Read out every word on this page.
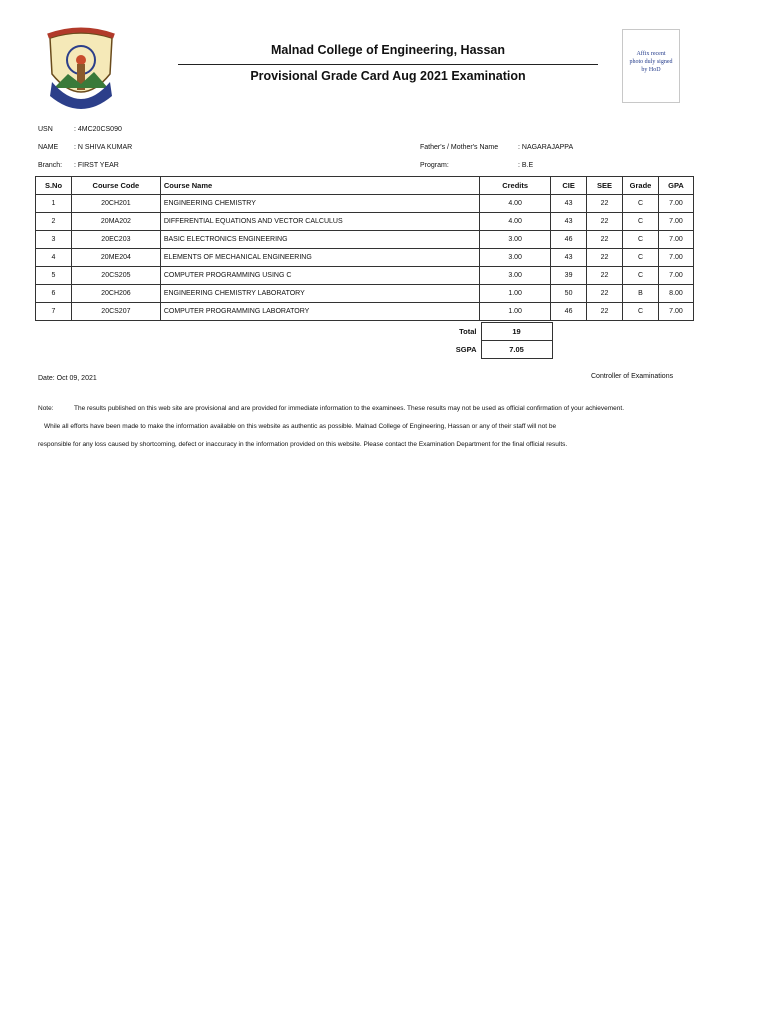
Malnad College of Engineering, Hassan
Provisional Grade Card Aug 2021 Examination
Affix recent
photo duly signed
by HoD
USN	: 4MC20CS090
NAME : N SHIVA KUMAR	Father's / Mother's Name	: NAGARAJAPPA
Branch: : FIRST YEAR	Program:	: B.E
S.No	Course Code	Course Name	Credits	CIE	SEE	Grade	GPA
1	20CH201	ENGINEERING CHEMISTRY	4.00	43	22	C	7.00
2	20MA202	DIFFERENTIAL EQUATIONS AND VECTOR CALCULUS	4.00	43	22	C	7.00
3	20EC203	BASIC ELECTRONICS ENGINEERING	3.00	46	22	C	7.00
4	20ME204	ELEMENTS OF MECHANICAL ENGINEERING	3.00	43	22	C	7.00
5	20CS205	COMPUTER PROGRAMMING USING C	3.00	39	22	C	7.00
6	20CH206	ENGINEERING CHEMISTRY LABORATORY	1.00	50	22	B	8.00
7	20CS207	COMPUTER PROGRAMMING LABORATORY	1.00	46	22	C	7.00
Total	19
SGPA	7.05
Date: Oct 09, 2021	Controller of Examinations
Note:	The results published on this web site are provisional and are provided for immediate information to the examinees. These results may not be used as official confirmation of your achievement.
While all efforts have been made to make the information available on this website as authentic as possible. Malnad College of Engineering, Hassan or any of their staff will not be
responsible for any loss caused by shortcoming, defect or inaccuracy in the information provided on this website. Please contact the Examination Department for the final official results.
